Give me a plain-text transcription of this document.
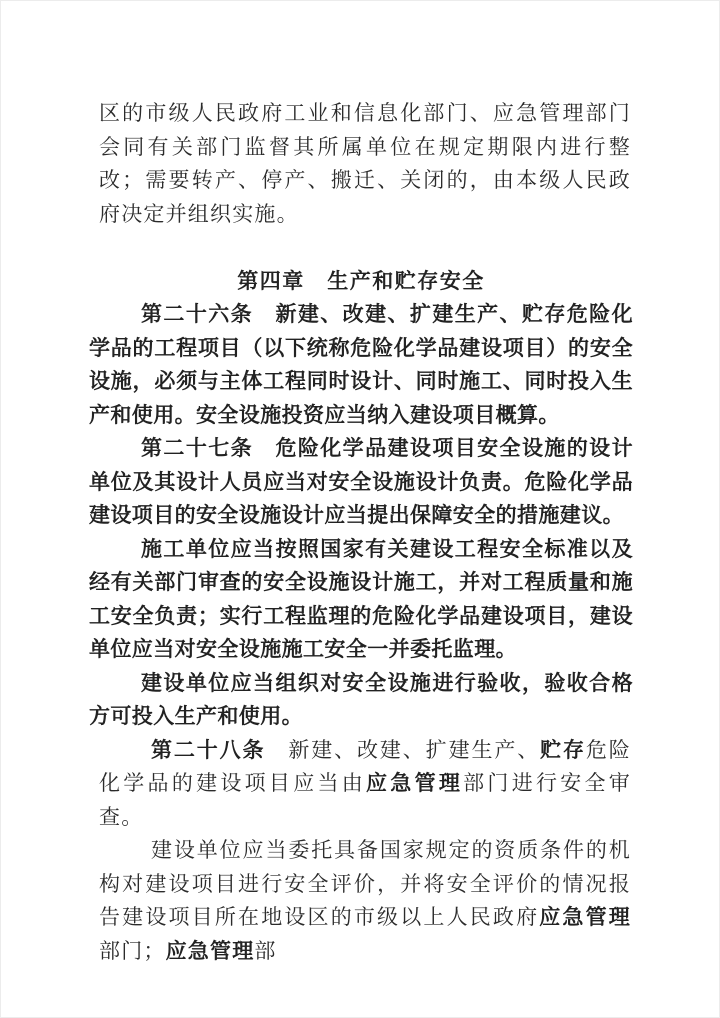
区的市级人民政府工业和信息化部门、应急管理部门会同有关部门监督其所属单位在规定期限内进行整改；需要转产、停产、搬迁、关闭的，由本级人民政府决定并组织实施。

第四章　生产和贮存安全

第二十六条　新建、改建、扩建生产、贮存危险化学品的工程项目（以下统称危险化学品建设项目）的安全设施，必须与主体工程同时设计、同时施工、同时投入生产和使用。安全设施投资应当纳入建设项目概算。

第二十七条　危险化学品建设项目安全设施的设计单位及其设计人员应当对安全设施设计负责。危险化学品建设项目的安全设施设计应当提出保障安全的措施建议。

施工单位应当按照国家有关建设工程安全标准以及经有关部门审查的安全设施设计施工，并对工程质量和施工安全负责；实行工程监理的危险化学品建设项目，建设单位应当对安全设施施工安全一并委托监理。

建设单位应当组织对安全设施进行验收，验收合格方可投入生产和使用。

第二十八条　新建、改建、扩建生产、贮存危险化学品的建设项目应当由应急管理部门进行安全审查。

建设单位应当委托具备国家规定的资质条件的机构对建设项目进行安全评价，并将安全评价的情况报告建设项目所在地设区的市级以上人民政府应急管理部门；应急管理部
